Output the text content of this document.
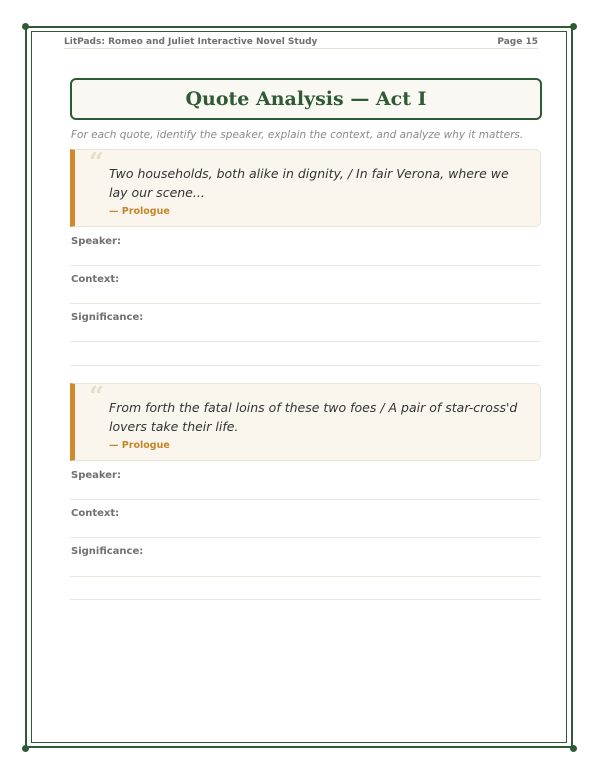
LitPads: Romeo and Juliet Interactive Novel Study	Page 15
Quote Analysis — Act I
For each quote, identify the speaker, explain the context, and analyze why it matters.
“ Two households, both alike in dignity, / In fair Verona, where we lay our scene...
— Prologue
Speaker:
Context:
Significance:
“ From forth the fatal loins of these two foes / A pair of star-cross'd lovers take their life.
— Prologue
Speaker:
Context:
Significance:
